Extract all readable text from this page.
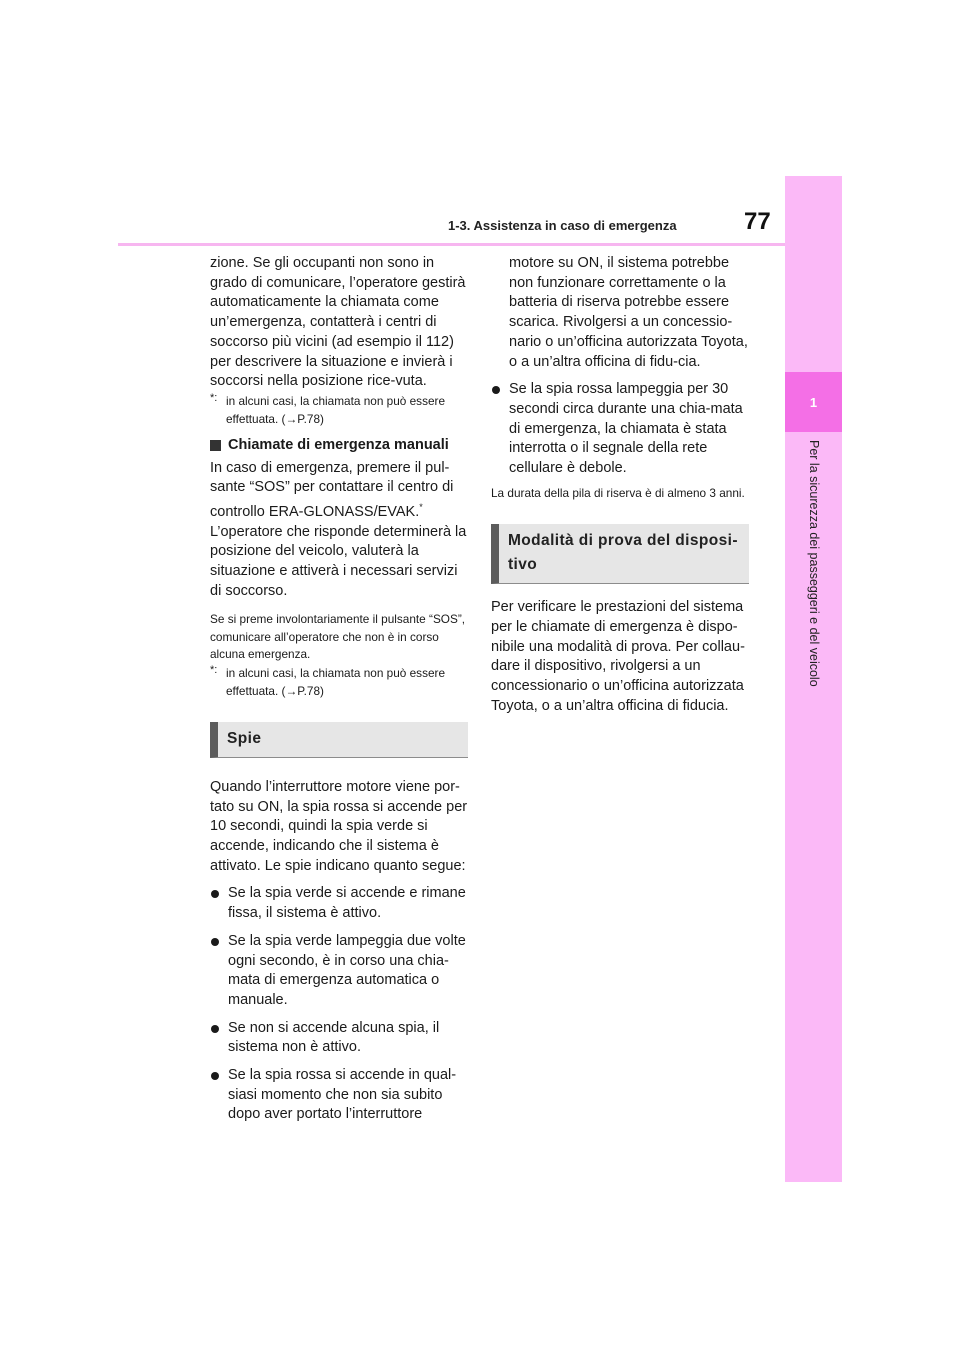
1-3. Assistenza in caso di emergenza	77
1
Per la sicurezza dei passeggeri e del veicolo

zione. Se gli occupanti non sono in grado di comunicare, l’operatore gestirà automaticamente la chiamata come un’emergenza, contatterà i centri di soccorso più vicini (ad esempio il 112) per descrivere la situazione e invierà i soccorsi nella posizione rice-vuta.

*: in alcuni casi, la chiamata non può essere effettuata. (→P.78)

Chiamate di emergenza manuali

In caso di emergenza, premere il pul-sante “SOS” per contattare il centro di controllo ERA-GLONASS/EVAK.*

L’operatore che risponde determinerà la posizione del veicolo, valuterà la situazione e attiverà i necessari servizi di soccorso.

Se si preme involontariamente il pulsante “SOS”, comunicare all’operatore che non è in corso alcuna emergenza.

*: in alcuni casi, la chiamata non può essere effettuata. (→P.78)

Spie

Quando l’interruttore motore viene por-tato su ON, la spia rossa si accende per 10 secondi, quindi la spia verde si accende, indicando che il sistema è attivato. Le spie indicano quanto segue:

Se la spia verde si accende e rimane fissa, il sistema è attivo.
Se la spia verde lampeggia due volte ogni secondo, è in corso una chia-mata di emergenza automatica o manuale.
Se non si accende alcuna spia, il sistema non è attivo.
Se la spia rossa si accende in qual-siasi momento che non sia subito dopo aver portato l’interruttore

motore su ON, il sistema potrebbe non funzionare correttamente o la batteria di riserva potrebbe essere scarica. Rivolgersi a un concessio-nario o un’officina autorizzata Toyota, o a un’altra officina di fidu-cia.

Se la spia rossa lampeggia per 30 secondi circa durante una chia-mata di emergenza, la chiamata è stata interrotta o il segnale della rete cellulare è debole.

La durata della pila di riserva è di almeno 3 anni.

Modalità di prova del disposi-tivo

Per verificare le prestazioni del sistema per le chiamate di emergenza è dispo-nibile una modalità di prova. Per collau-dare il dispositivo, rivolgersi a un concessionario o un’officina autorizzata Toyota, o a un’altra officina di fiducia.
